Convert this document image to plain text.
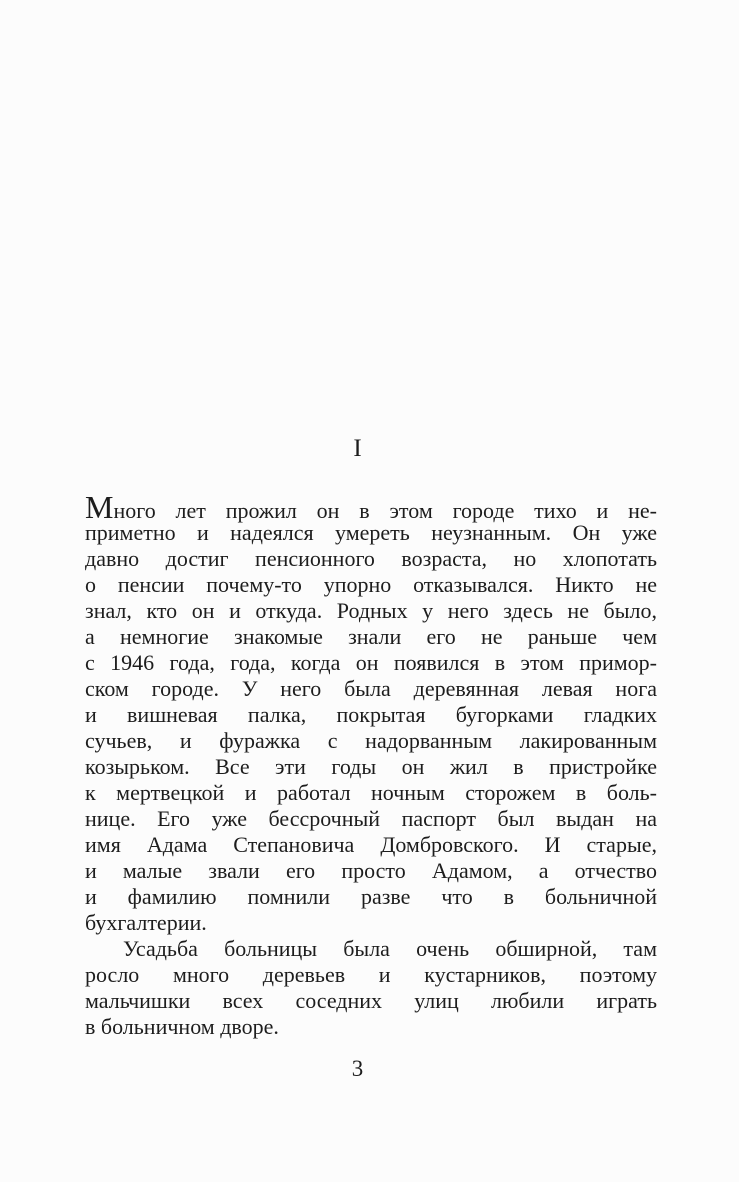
I
Много лет прожил он в этом городе тихо и не-
приметно и надеялся умереть неузнанным. Он уже
давно достиг пенсионного возраста, но хлопотать
о пенсии почему-то упорно отказывался. Никто не
знал, кто он и откуда. Родных у него здесь не было,
а немногие знакомые знали его не раньше чем
с 1946 года, года, когда он появился в этом примор-
ском городе. У него была деревянная левая нога
и вишневая палка, покрытая бугорками гладких
сучьев, и фуражка с надорванным лакированным
козырьком. Все эти годы он жил в пристройке
к мертвецкой и работал ночным сторожем в боль-
нице. Его уже бессрочный паспорт был выдан на
имя Адама Степановича Домбровского. И старые,
и малые звали его просто Адамом, а отчество
и фамилию помнили разве что в больничной
бухгалтерии.
Усадьба больницы была очень обширной, там
росло много деревьев и кустарников, поэтому
мальчишки всех соседних улиц любили играть
в больничном дворе.
3
